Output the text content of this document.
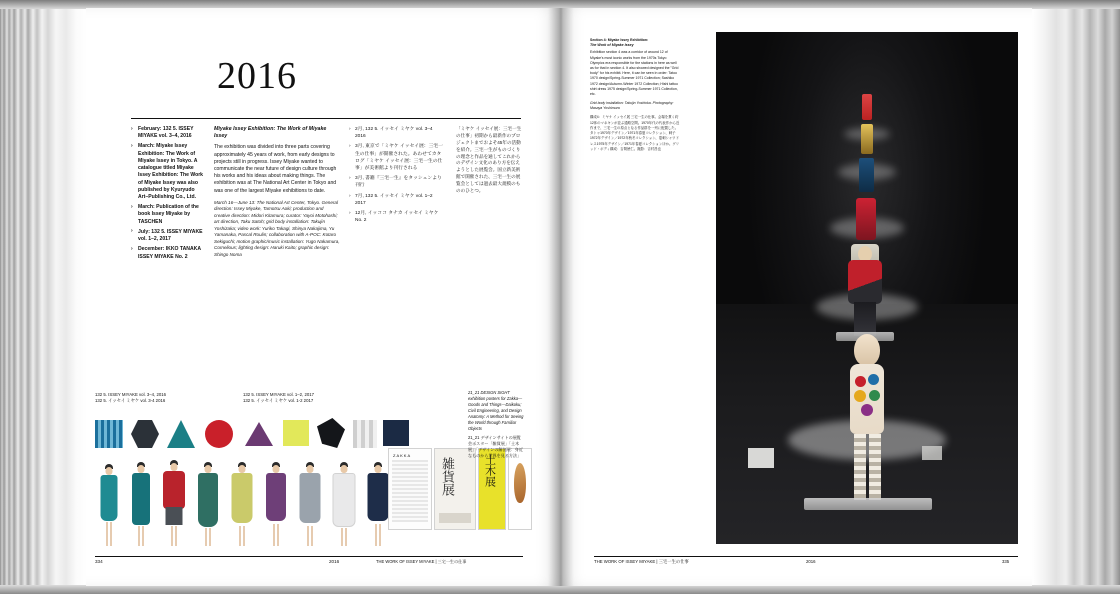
2016
› February: 132 5. ISSEY MIYAKE vol. 3–4, 2016
› March: Miyake Issey Exhibition: The Work of Miyake Issey in Tokyo. A catalogue titled Miyake Issey Exhibition: The Work of Miyake Issey was also published by Kyuryudo Art–Publishing Co., Ltd.
› March: Publication of the book Issey Miyake by TASCHEN
› July: 132 5. ISSEY MIYAKE vol. 1–2, 2017
› December: IKKO TANAKA ISSEY MIYAKE No. 2
Miyake Issey Exhibition: The Work of Miyake Issey
The exhibition was divided into three parts covering approximately 45 years of work, from early designs to projects still in progress. Issey Miyake wanted to communicate the near future of design culture through his works and his ideas about making things. The exhibition was at The National Art Center in Tokyo and was one of the largest Miyake exhibitions to date.
March 16—June 13: The National Art Center, Tokyo. General direction: Issey Miyake, Tamotsu Aoki; production and creative direction: Midori Kitamura; curator: Yayoi Motohashi; art direction, Taku Satoh; grid body installation: Takujin Yoshizaka; video work: Yuriko Takagi, Shinya Nakajima, Yu Yamanaka, Pascal Roulin; collaboration with A-POC: Kotaro Sekiguchi; motion graphic/music installation: Yugo Nakamura, Cornelious; lighting design: Haruki Kaito; graphic design: Shingo Noma
› 2月, 132 5. イッセイ ミヤケ vol. 3–4 2016
› 3月, 東京で「ミヤケ イッセイ展：三宅一生の仕事」が開催された。あわせてカタログ「ミヤケ イッセイ展：三宅一生の仕事」が美術館より刊行される
› 3月, 書籍『三宅一生』をタッシェンより刊行
› 7月, 132 5. イッセイ ミヤケ vol. 1–2 2017
› 12月, イッココ タナカ イッセイ ミヤケ No. 2
「ミヤケ イッセイ展：三宅一生の仕事」初期から最新作のプロジェクトまでおよそ45年の活動を紹介。三宅一生がものづくりの理念と作品を通してこれからのデザイン文化のあり方を伝えようとした展覧会。国立新美術館で開催された、三宅一生の展覧会としては過去最大規模のもののひとつ。
132 5. ISSEY MIYAKE vol. 3–4, 2016
132 5. イッセイ ミヤケ vol. 3-4 2016
132 5. ISSEY MIYAKE vol. 1–2, 2017
132 5. イッセイ ミヤケ vol. 1-2 2017
ZAKKA
雑貨展	土木展
21_21 DESIGN SIGHT exhibition posters for Zakka—Goods and Things—Daikoku; Civil Engineering, and Design Anatomy: A Method for Seeing the World through Familiar Objects
21_21 デザインサイトの展覧会ポスター「雑貨展」「土木展」「デザインの解剖展：身近なものから世界を見る方法」
334	2016	THE WORK OF ISSEY MIYAKE | 三宅一生の仕事
Section 4: Miyake Issey Exhibition:
The Work of Miyake Issey

Exhibition section 4 was a corridor of around 12 of Miyake's most iconic works from the 1970s Tokyo Olympics era responsible for the stations in here as well as for that in section 4. It also showed designed the "Grid body" for his exhibit. Here, it can be seen in order: Tatoo 1970 design/Spring-Summer 1971 Collection; Sashiko 1972 design/Autumn-Winter 1972 Collection; Hishi tattoo shirt dress 1975 design/Spring-Summer 1971 Collection, etc.

Grid body installation: Takujin Yoshioka. Photography: Masaya Yoshimura

構成4：ミヤケ イッセイ展 三宅一生の仕事。会場を貫く約12体のマネキンが並ぶ通路空間。1970年代の代表作から近作まで、三宅一生の原点となる作品群を一列に配置した。タトゥ1970年デザイン／1971年春夏コレクション、刺子1972年デザイン／1972年秋冬コレクション、菱刺シャツドレス1975年デザイン／1971年春夏コレクションほか。グリッド・ボディ構成：吉岡徳仁。撮影：吉村昌也

THE WORK OF ISSEY MIYAKE | 三宅一生の仕事	2016	335
